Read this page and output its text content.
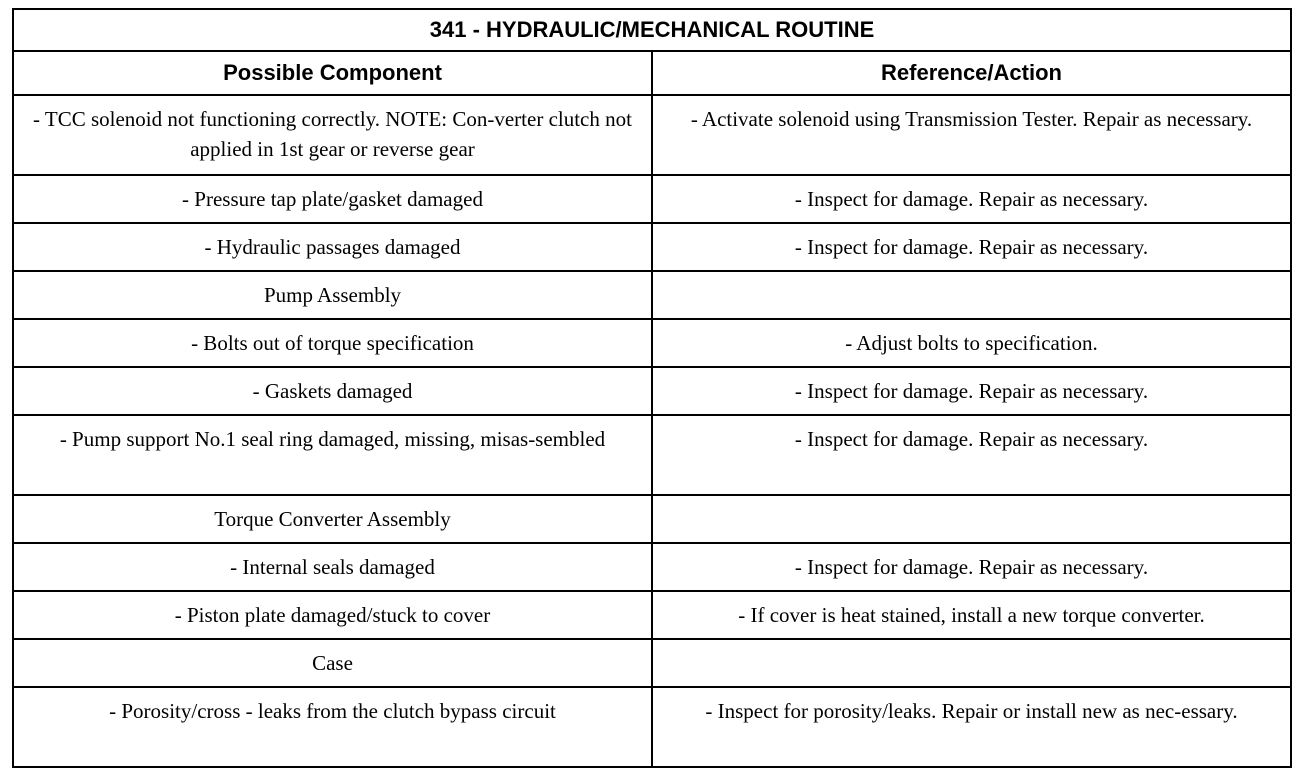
341 - HYDRAULIC/MECHANICAL ROUTINE	
Possible Component	Reference/Action
- TCC solenoid not functioning correctly. NOTE: Con-verter clutch not applied in 1st gear or reverse gear	- Activate solenoid using Transmission Tester. Repair as necessary.
- Pressure tap plate/gasket damaged	- Inspect for damage. Repair as necessary.
- Hydraulic passages damaged	- Inspect for damage. Repair as necessary.
Pump Assembly	
- Bolts out of torque specification	- Adjust bolts to specification.
- Gaskets damaged	- Inspect for damage. Repair as necessary.
- Pump support No.1 seal ring damaged, missing, misas-sembled	- Inspect for damage. Repair as necessary.
Torque Converter Assembly	
- Internal seals damaged	- Inspect for damage. Repair as necessary.
- Piston plate damaged/stuck to cover	- If cover is heat stained, install a new torque converter.
Case	
- Porosity/cross - leaks from the clutch bypass circuit	- Inspect for porosity/leaks. Repair or install new as nec-essary.
